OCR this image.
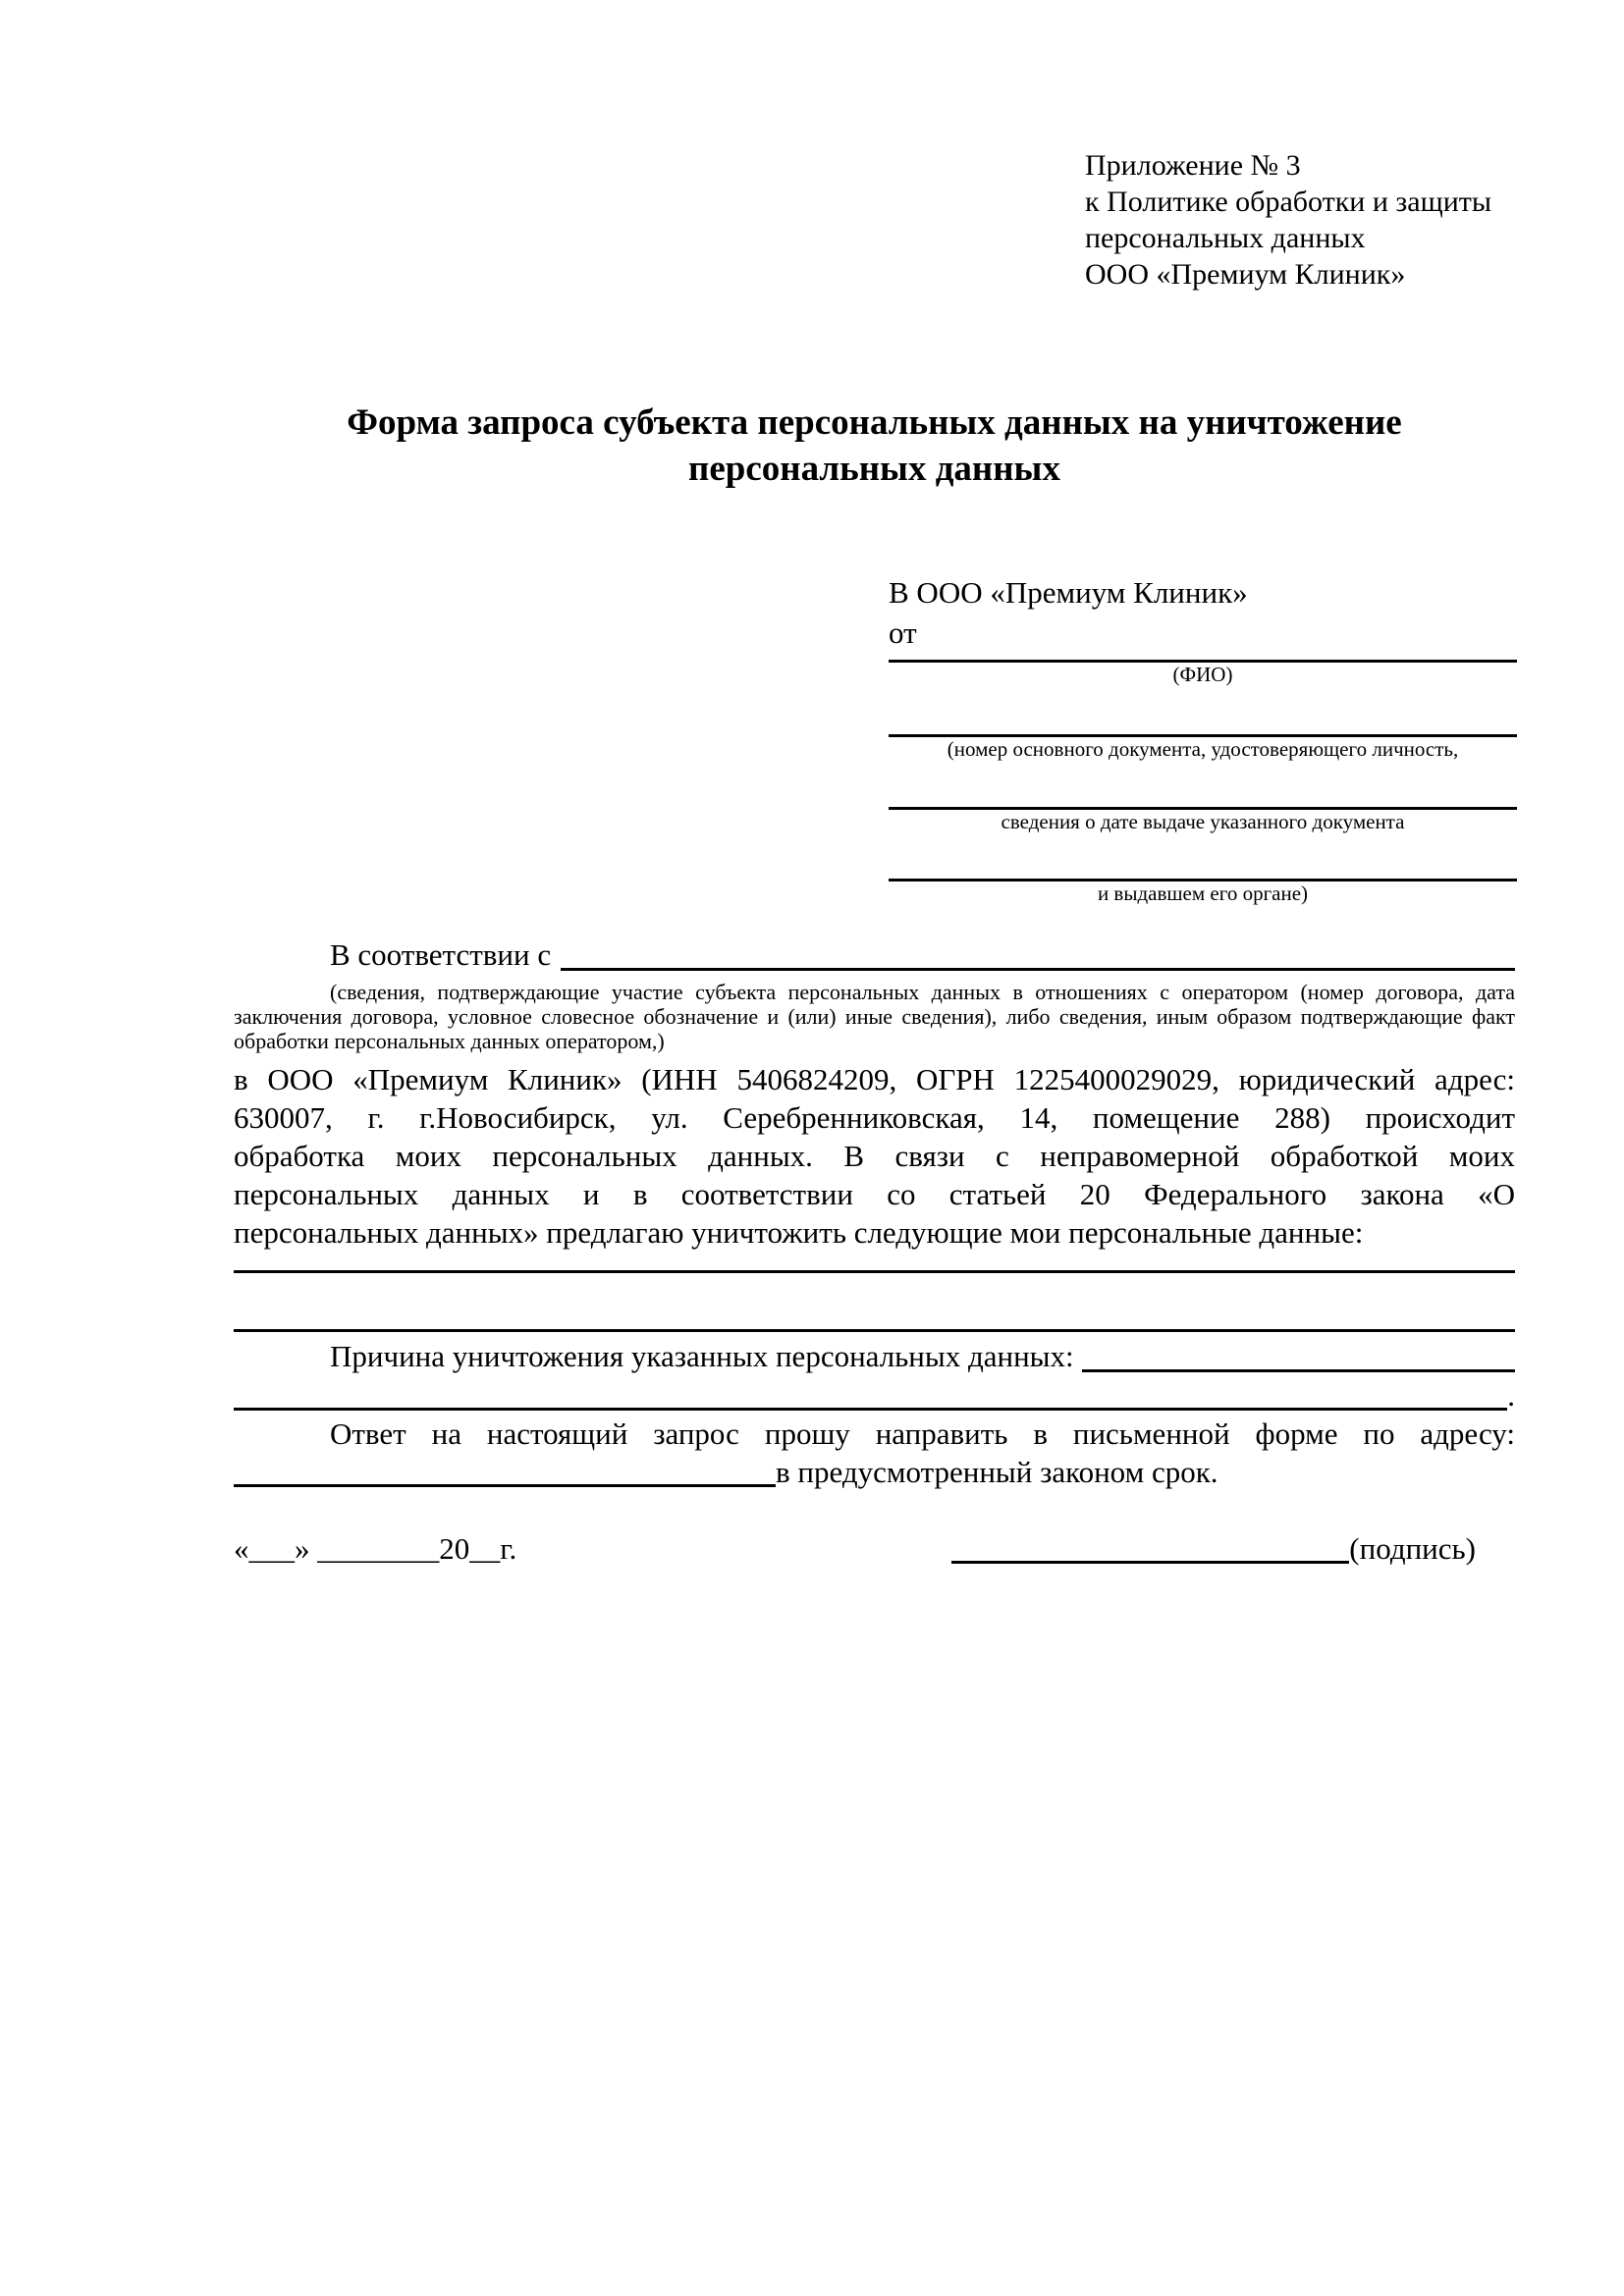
Приложение № 3
к Политике обработки и защиты
персональных данных
ООО «Премиум Клиник»
Форма запроса субъекта персональных данных на уничтожение
персональных данных
В ООО «Премиум Клиник»
от
(ФИО)
(номер основного документа, удостоверяющего личность,
сведения о дате выдаче указанного документа
и выдавшем его органе)
В соответствии с
(сведения, подтверждающие участие субъекта персональных данных в отношениях с оператором (номер договора, дата
заключения договора, условное словесное обозначение и (или) иные сведения), либо сведения, иным образом подтверждающие факт
обработки персональных данных оператором,)
в ООО «Премиум Клиник» (ИНН 5406824209, ОГРН 1225400029029, юридический адрес:
630007, г. г.Новосибирск, ул. Серебренниковская, 14, помещение 288) происходит
обработка моих персональных данных. В связи с неправомерной обработкой моих
персональных данных и в соответствии со статьей 20 Федерального закона «О
персональных данных» предлагаю уничтожить следующие мои персональные данные:
Причина уничтожения указанных персональных данных:
.
Ответ на настоящий запрос прошу направить в письменной форме по адресу:
в предусмотренный законом срок.
«___» ________20__г.	(подпись)
